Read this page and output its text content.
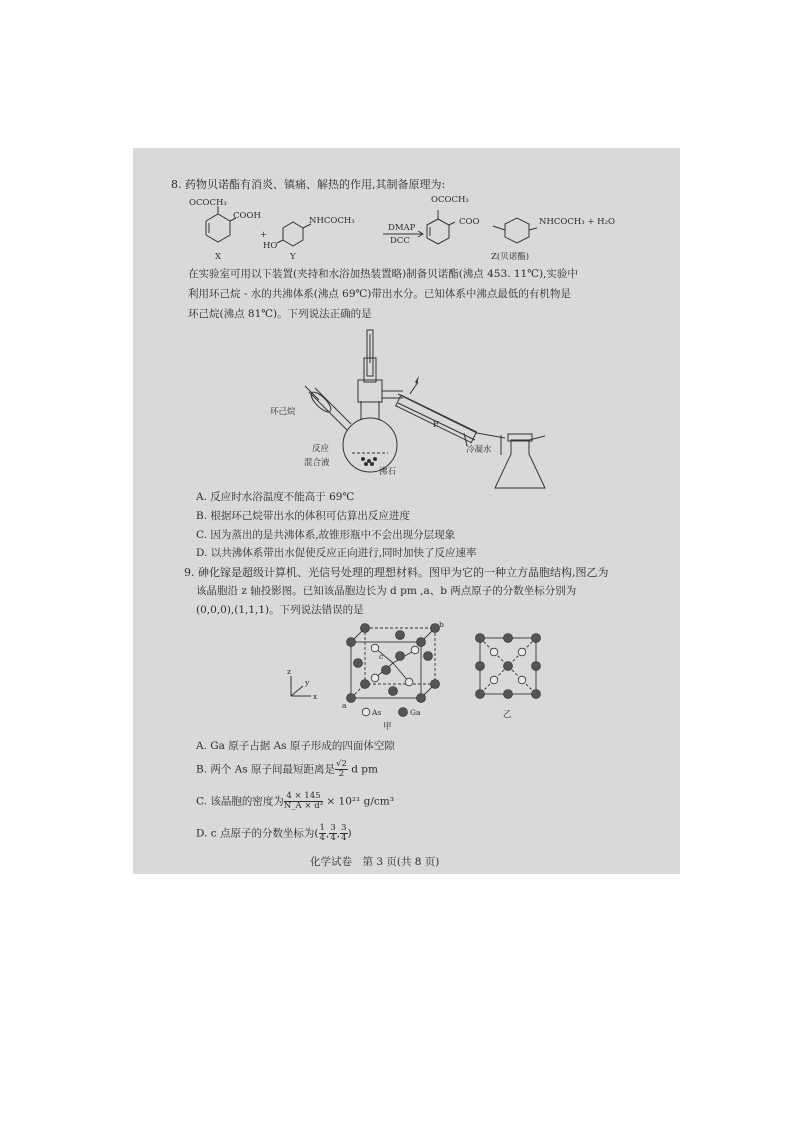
8. 药物贝诺酯有消炎、镇痛、解热的作用,其制备原理为:
OCOCH₃
COOH
+
NHCOCH₃
HO
X	Y
DMAP
DCC
OCOCH₃
COO	NHCOCH₃ + H₂O
Z(贝诺酯)
在实验室可用以下装置(夹持和水浴加热装置略)制备贝诺酯(沸点 453. 11℃),实验中
利用环己烷 - 水的共沸体系(沸点 69℃)带出水分。已知体系中沸点最低的有机物是
环己烷(沸点 81℃)。下列说法正确的是
环己烷
反应
混合液
沸石
F
冷凝水
A. 反应时水浴温度不能高于 69℃
B. 根据环己烷带出水的体积可估算出反应进度
C. 因为蒸出的是共沸体系,故锥形瓶中不会出现分层现象
D. 以共沸体系带出水促使反应正向进行,同时加快了反应速率
9. 砷化镓是超级计算机、光信号处理的理想材料。图甲为它的一种立方晶胞结构,图乙为
该晶胞沿 z 轴投影图。已知该晶胞边长为 d pm ,a、b 两点原子的分数坐标分别为
(0,0,0),(1,1,1)。下列说法错误的是
z
y
x
a
b
c
As	Ga
甲
乙
A. Ga 原子占据 As 原子形成的四面体空隙
B. 两个 As 原子间最短距离是 $\frac{√2}{2}$ d pm
C. 该晶胞的密度为 $\frac{4 \times 145}{\text{N\_A × d³}} \times 10^{21}$ g/cm³
D. c 点原子的分数坐标为( $\frac{1}{4}$ , $\frac{3}{4}$ , $\frac{3}{4}$ )
化学试卷　第 3 页(共 8 页)
